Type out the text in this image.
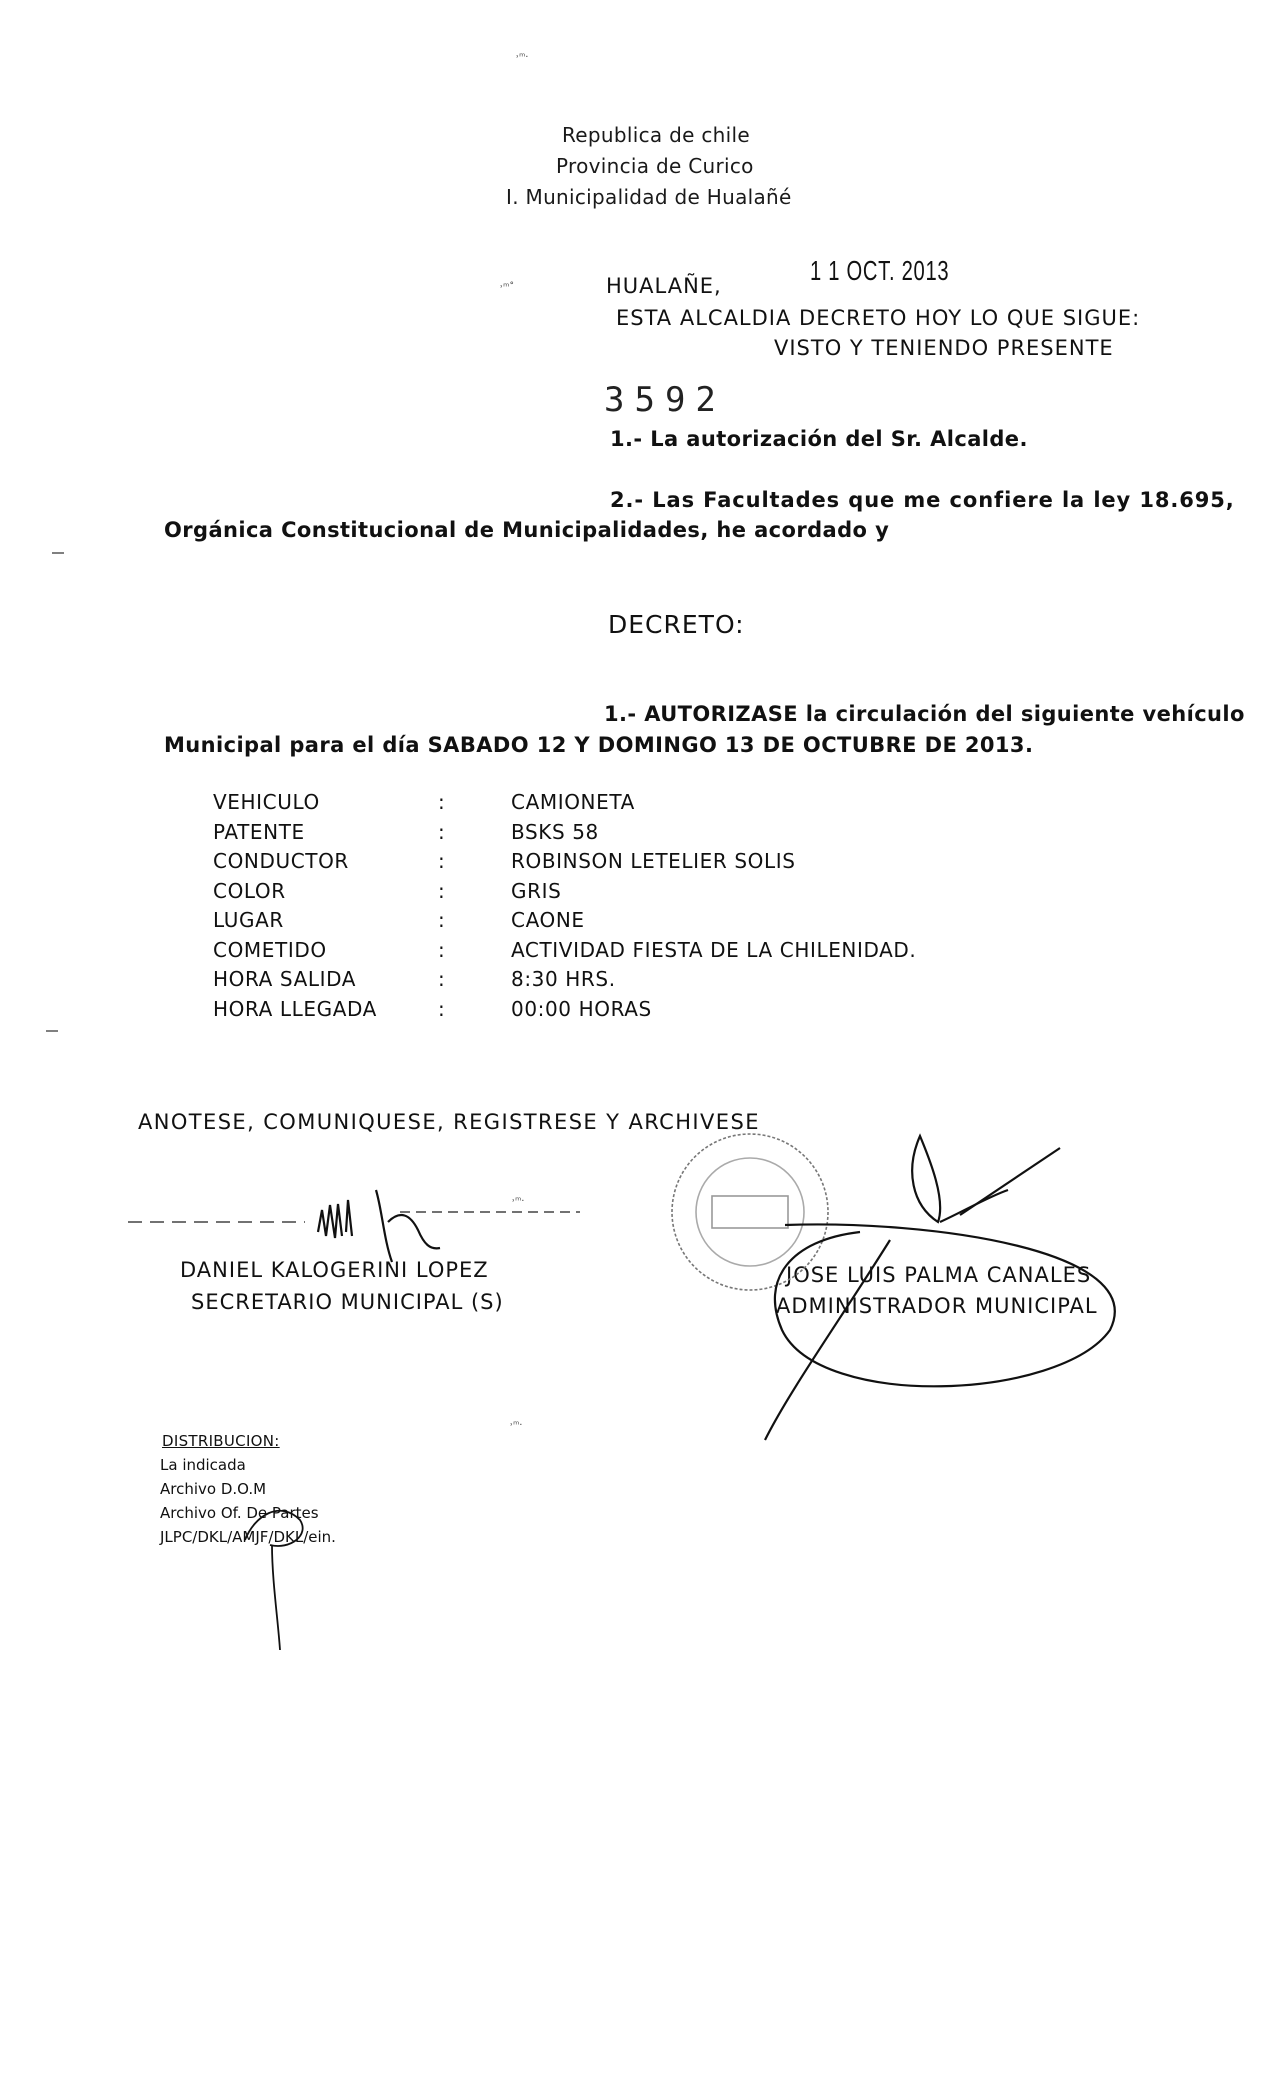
Republica de chile
Provincia de Curico
I. Municipalidad de Hualañé
HUALAÑE,	1 1 OCT. 2013
ESTA ALCALDIA DECRETO HOY LO QUE SIGUE:
VISTO Y TENIENDO PRESENTE
3592
1.- La autorización del Sr. Alcalde.
2.- Las Facultades que me confiere la ley 18.695,
Orgánica Constitucional de Municipalidades, he acordado y
DECRETO:
1.- AUTORIZASE la circulación del siguiente vehículo
Municipal para el día SABADO 12 Y DOMINGO 13 DE OCTUBRE DE 2013.
VEHICULO	:	CAMIONETA
PATENTE	:	BSKS 58
CONDUCTOR	:	ROBINSON LETELIER SOLIS
COLOR	:	GRIS
LUGAR	:	CAONE
COMETIDO	:	ACTIVIDAD FIESTA DE LA CHILENIDAD.
HORA SALIDA	:	8:30 HRS.
HORA LLEGADA	:	00:00 HORAS
ANOTESE, COMUNIQUESE, REGISTRESE Y ARCHIVESE
DANIEL KALOGERINI LOPEZ
SECRETARIO MUNICIPAL (S)
JOSE LUIS PALMA CANALES
ADMINISTRADOR MUNICIPAL
DISTRIBUCION:
La indicada
Archivo D.O.M
Archivo Of. De Partes
JLPC/DKL/AMJF/DKL/ein.
˒ᵐ·
˒ᵐ˚
˒ᵐ·
˒ᵐ·
